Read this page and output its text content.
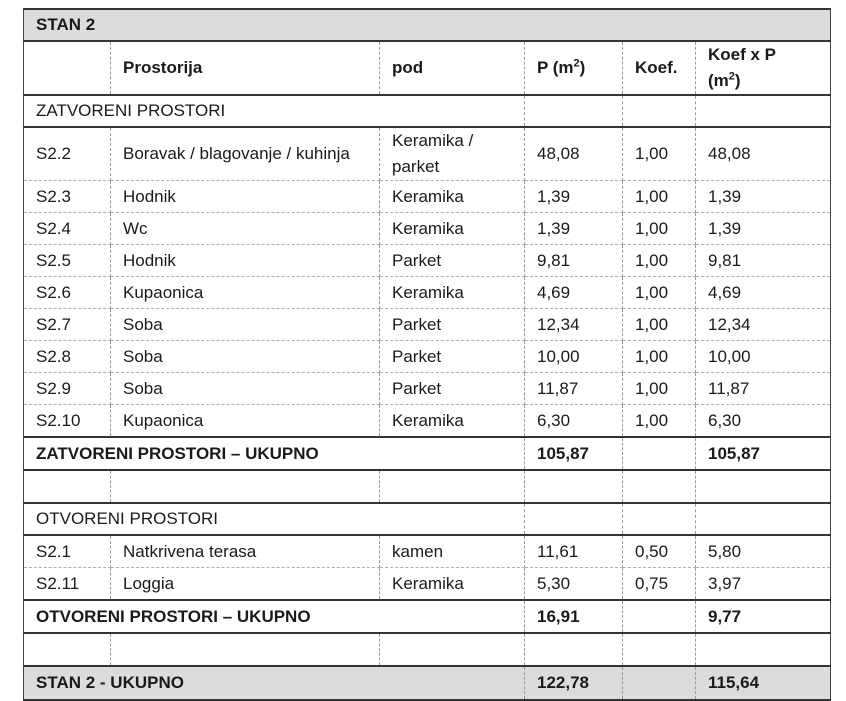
STAN 2					
	Prostorija	pod	P $(m^2)$	Koef.	Koef x P
$(m^2)$
ZATVORENI PROSTORI					
S2.2	Boravak / blagovanje / kuhinja	Keramika / parket	48,08	1,00	48,08
S2.3	Hodnik	Keramika	1,39	1,00	1,39
S2.4	Wc	Keramika	1,39	1,00	1,39
S2.5	Hodnik	Parket	9,81	1,00	9,81
S2.6	Kupaonica	Keramika	4,69	1,00	4,69
S2.7	Soba	Parket	12,34	1,00	12,34
S2.8	Soba	Parket	10,00	1,00	10,00
S2.9	Soba	Parket	11,87	1,00	11,87
S2.10	Kupaonica	Keramika	6,30	1,00	6,30
ZATVORENI PROSTORI – UKUPNO			105,87		105,87

OTVORENI PROSTORI					
S2.1	Natkrivena terasa	kamen	11,61	0,50	5,80
S2.11	Loggia	Keramika	5,30	0,75	3,97
OTVORENI PROSTORI – UKUPNO			16,91		9,77

STAN 2 - UKUPNO			122,78		115,64
